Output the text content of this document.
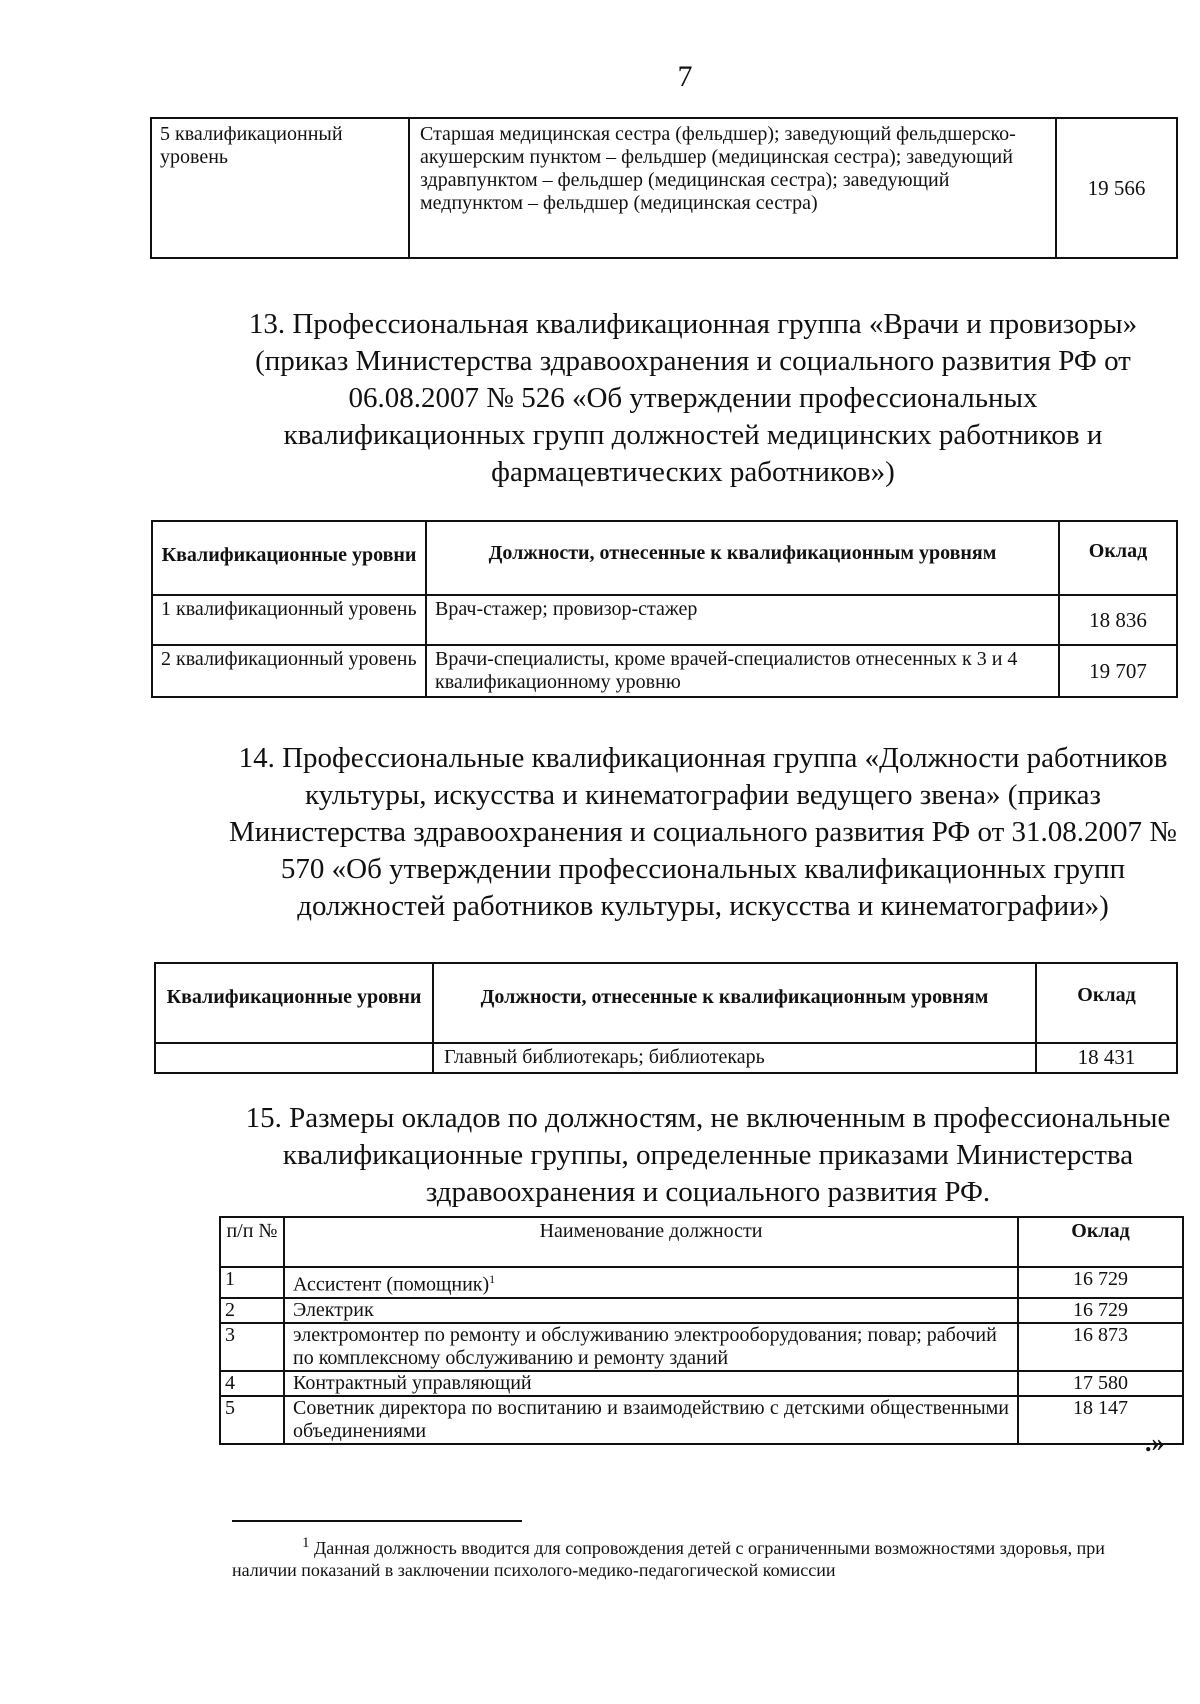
7
5 квалификационный уровень	Старшая медицинская сестра (фельдшер); заведующий фельдшерско-акушерским пунктом – фельдшер (медицинская сестра); заведующий здравпунктом – фельдшер (медицинская сестра); заведующий медпунктом – фельдшер (медицинская сестра)	19 566
13. Профессиональная квалификационная группа «Врачи и провизоры» (приказ Министерства здравоохранения и социального развития РФ от 06.08.2007 № 526 «Об утверждении профессиональных квалификационных групп должностей медицинских работников и фармацевтических работников»)
Квалификационные уровни	Должности, отнесенные к квалификационным уровням	Оклад
1 квалификационный уровень	Врач-стажер; провизор-стажер	18 836
2 квалификационный уровень	Врачи-специалисты, кроме врачей-специалистов отнесенных к 3 и 4 квалификационному уровню	19 707
14. Профессиональные квалификационная группа «Должности работников культуры, искусства и кинематографии ведущего звена» (приказ Министерства здравоохранения и социального развития РФ от 31.08.2007 № 570 «Об утверждении профессиональных квалификационных групп должностей работников культуры, искусства и кинематографии»)
Квалификационные уровни	Должности, отнесенные к квалификационным уровням	Оклад
	Главный библиотекарь; библиотекарь	18 431
15. Размеры окладов по должностям, не включенным в профессиональные квалификационные группы, определенные приказами Министерства здравоохранения и социального развития РФ.
п/п №	Наименование должности	Оклад
1	Ассистент (помощник)$^1$	16 729
2	Электрик	16 729
3	электромонтер по ремонту и обслуживанию электрооборудования; повар; рабочий по комплексному обслуживанию и ремонту зданий	16 873
4	Контрактный управляющий	17 580
5	Советник директора по воспитанию и взаимодействию с детскими общественными объединениями	18 147
.»
$^1$ Данная должность вводится для сопровождения детей с ограниченными возможностями здоровья, при наличии показаний в заключении психолого-медико-педагогической комиссии
